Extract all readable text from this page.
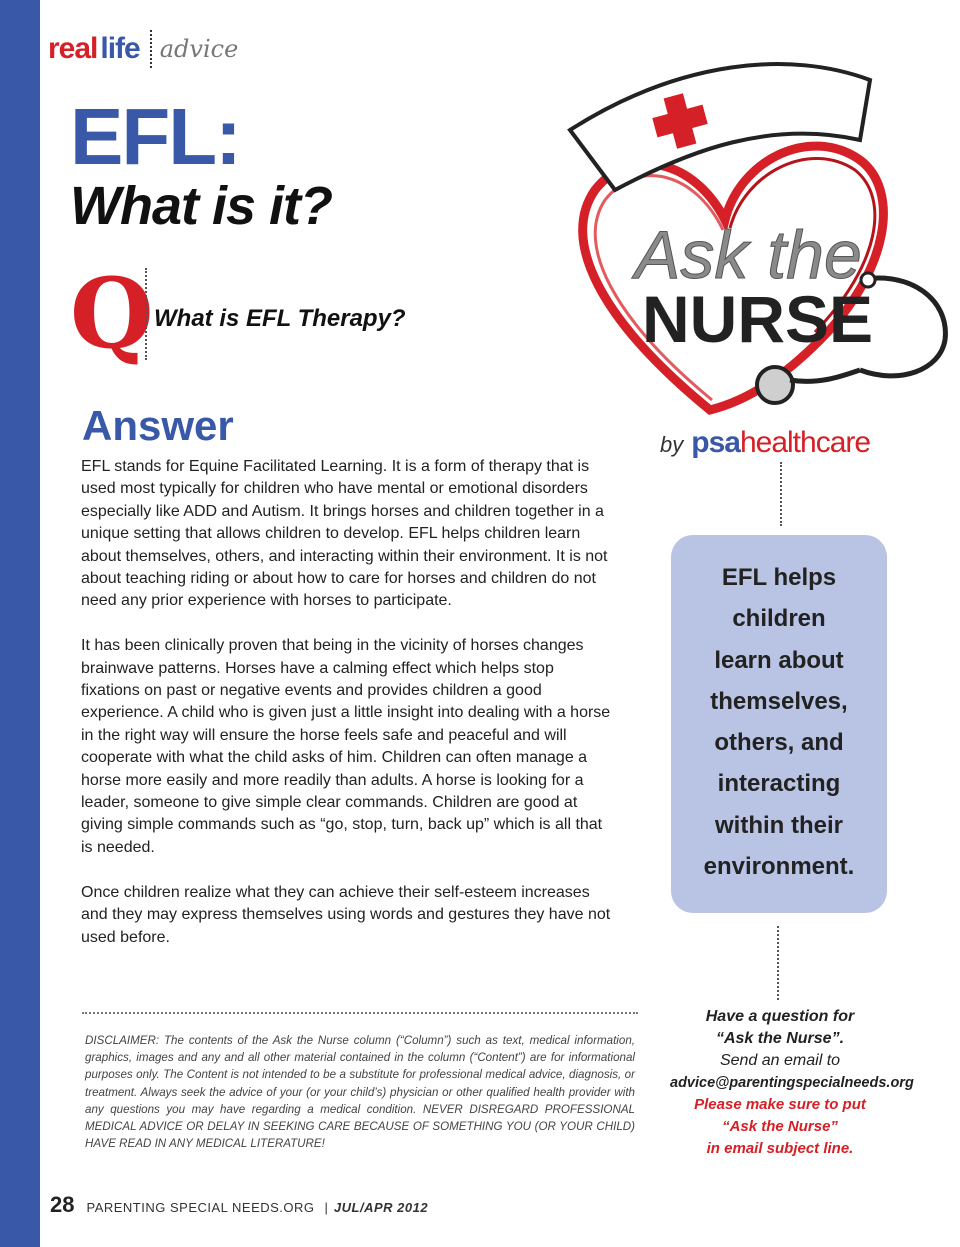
real life advice
EFL:
What is it?
Q What is EFL Therapy?
Answer

EFL stands for Equine Facilitated Learning. It is a form of therapy that is used most typically for children who have mental or emotional disorders especially like ADD and Autism. It brings horses and children together in a unique setting that allows children to develop. EFL helps children learn about themselves, others, and interacting within their environment. It is not about teaching riding or about how to care for horses and children do not need any prior experience with horses to participate.

It has been clinically proven that being in the vicinity of horses changes brainwave patterns. Horses have a calming effect which helps stop fixations on past or negative events and provides children a good experience. A child who is given just a little insight into dealing with a horse in the right way will ensure the horse feels safe and peaceful and will cooperate with what the child asks of him. Children can often manage a horse more easily and more readily than adults. A horse is looking for a leader, someone to give simple clear commands. Children are good at giving simple commands such as “go, stop, turn, back up” which is all that is needed.

Once children realize what they can achieve their self-esteem increases and they may express themselves using words and gestures they have not used before.

DISCLAIMER: The contents of the Ask the Nurse column (“Column”) such as text, medical information, graphics, images and any and all other material contained in the column (“Content”) are for informational purposes only. The Content is not intended to be a substitute for professional medical advice, diagnosis, or treatment. Always seek the advice of your (or your child’s) physician or other qualified health provider with any questions you may have regarding a medical condition. NEVER DISREGARD PROFESSIONAL MEDICAL ADVICE OR DELAY IN SEEKING CARE BECAUSE OF SOMETHING YOU (OR YOUR CHILD) HAVE READ IN ANY MEDICAL LITERATURE!

Ask the
NURSE
by psa healthcare
EFL helps
children
learn about
themselves,
others, and
interacting
within their
environment.
Have a question for
“Ask the Nurse”.
Send an email to
advice@parentingspecialneeds.org
Please make sure to put
“Ask the Nurse”
in email subject line.
28 PARENTING SPECIAL NEEDS.ORG | JUL/APR 2012
